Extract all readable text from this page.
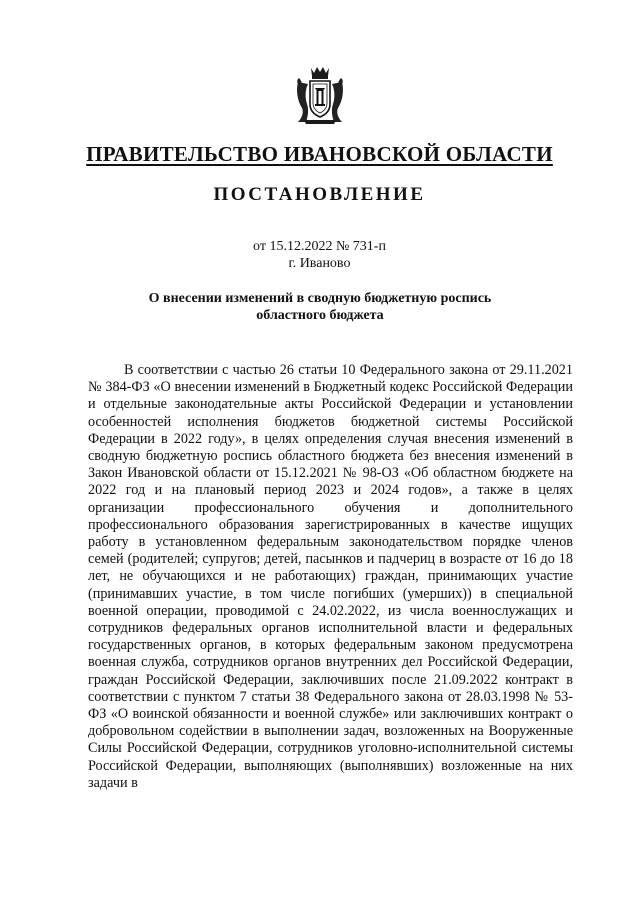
ПРАВИТЕЛЬСТВО ИВАНОВСКОЙ ОБЛАСТИ
ПОСТАНОВЛЕНИЕ
от 15.12.2022 № 731-п
г. Иваново
О внесении изменений в сводную бюджетную роспись
областного бюджета

В соответствии с частью 26 статьи 10 Федерального закона от 29.11.2021 № 384-ФЗ «О внесении изменений в Бюджетный кодекс Российской Федерации и отдельные законодательные акты Российской Федерации и установлении особенностей исполнения бюджетов бюджетной системы Российской Федерации в 2022 году», в целях определения случая внесения изменений в сводную бюджетную роспись областного бюджета без внесения изменений в Закон Ивановской области от 15.12.2021 № 98-ОЗ «Об областном бюджете на 2022 год и на плановый период 2023 и 2024 годов», а также в целях организации профессионального обучения и дополнительного профессионального образования зарегистрированных в качестве ищущих работу в установленном федеральным законодательством порядке членов семей (родителей; супругов; детей, пасынков и падчериц в возрасте от 16 до 18 лет, не обучающихся и не работающих) граждан, принимающих участие (принимавших участие, в том числе погибших (умерших)) в специальной военной операции, проводимой с 24.02.2022, из числа военнослужащих и сотрудников федеральных органов исполнительной власти и федеральных государственных органов, в которых федеральным законом предусмотрена военная служба, сотрудников органов внутренних дел Российской Федерации, граждан Российской Федерации, заключивших после 21.09.2022 контракт в соответствии с пунктом 7 статьи 38 Федерального закона от 28.03.1998 № 53-ФЗ «О воинской обязанности и военной службе» или заключивших контракт о добровольном содействии в выполнении задач, возложенных на Вооруженные Силы Российской Федерации, сотрудников уголовно-исполнительной системы Российской Федерации, выполняющих (выполнявших) возложенные на них задачи в
